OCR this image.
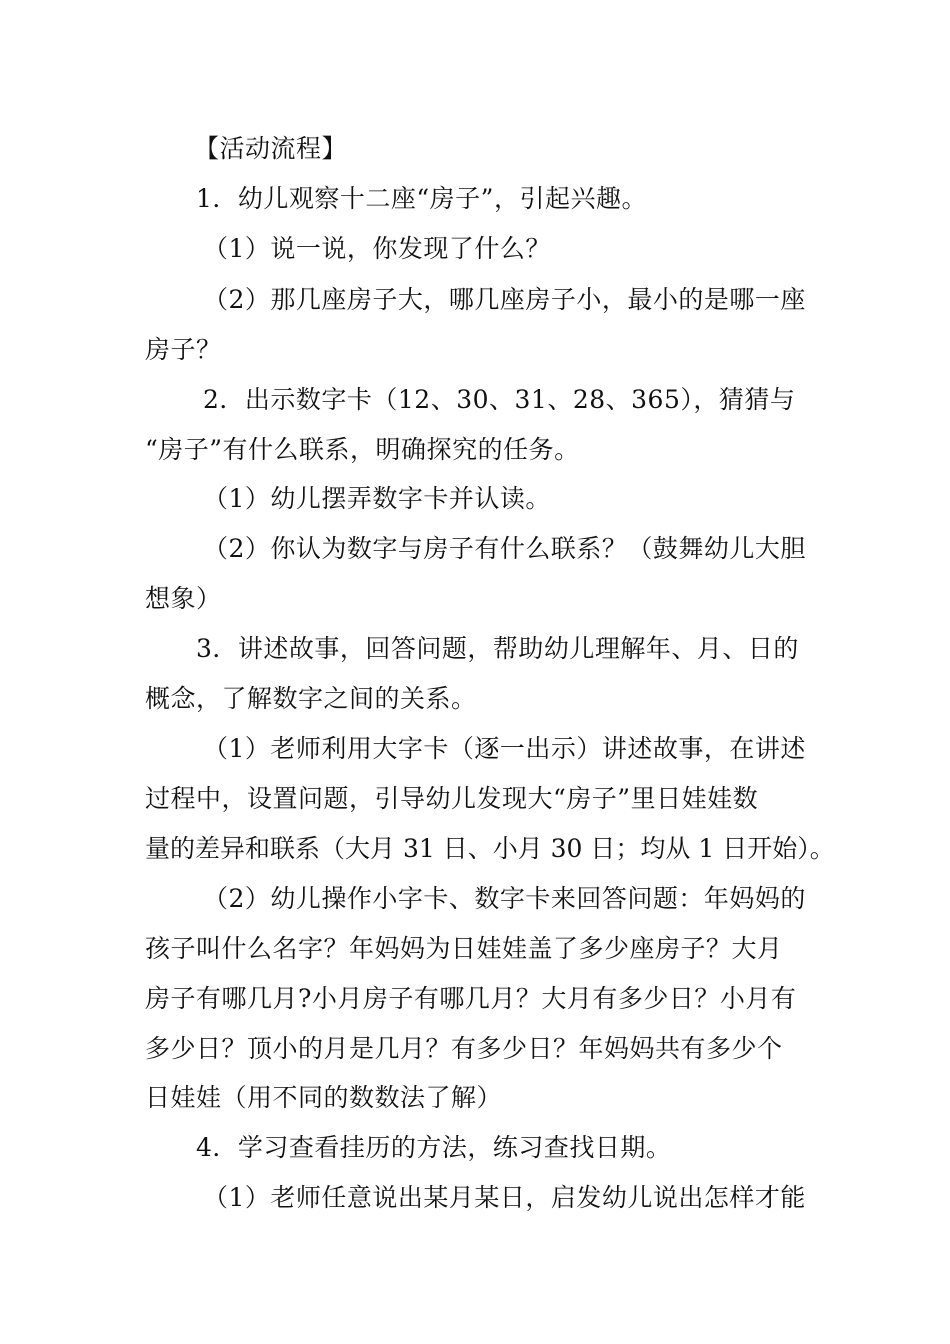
【活动流程】
1．幼儿观察十二座“房子”，引起兴趣。
（1）说一说，你发现了什么？
（2）那几座房子大，哪几座房子小，最小的是哪一座
房子？
2．出示数字卡（12、30、31、28、365），猜猜与
“房子”有什么联系，明确探究的任务。
（1）幼儿摆弄数字卡并认读。
（2）你认为数字与房子有什么联系？（鼓舞幼儿大胆
想象）
3．讲述故事，回答问题，帮助幼儿理解年、月、日的
概念，了解数字之间的关系。
（1）老师利用大字卡（逐一出示）讲述故事，在讲述
过程中，设置问题，引导幼儿发现大“房子”里日娃娃数
量的差异和联系（大月 31 日、小月 30 日；均从 1 日开始）。
（2）幼儿操作小字卡、数字卡来回答问题：年妈妈的
孩子叫什么名字？年妈妈为日娃娃盖了多少座房子？大月
房子有哪几月?小月房子有哪几月？大月有多少日？小月有
多少日？顶小的月是几月？有多少日？年妈妈共有多少个
日娃娃（用不同的数数法了解）
4．学习查看挂历的方法，练习查找日期。
（1）老师任意说出某月某日，启发幼儿说出怎样才能
